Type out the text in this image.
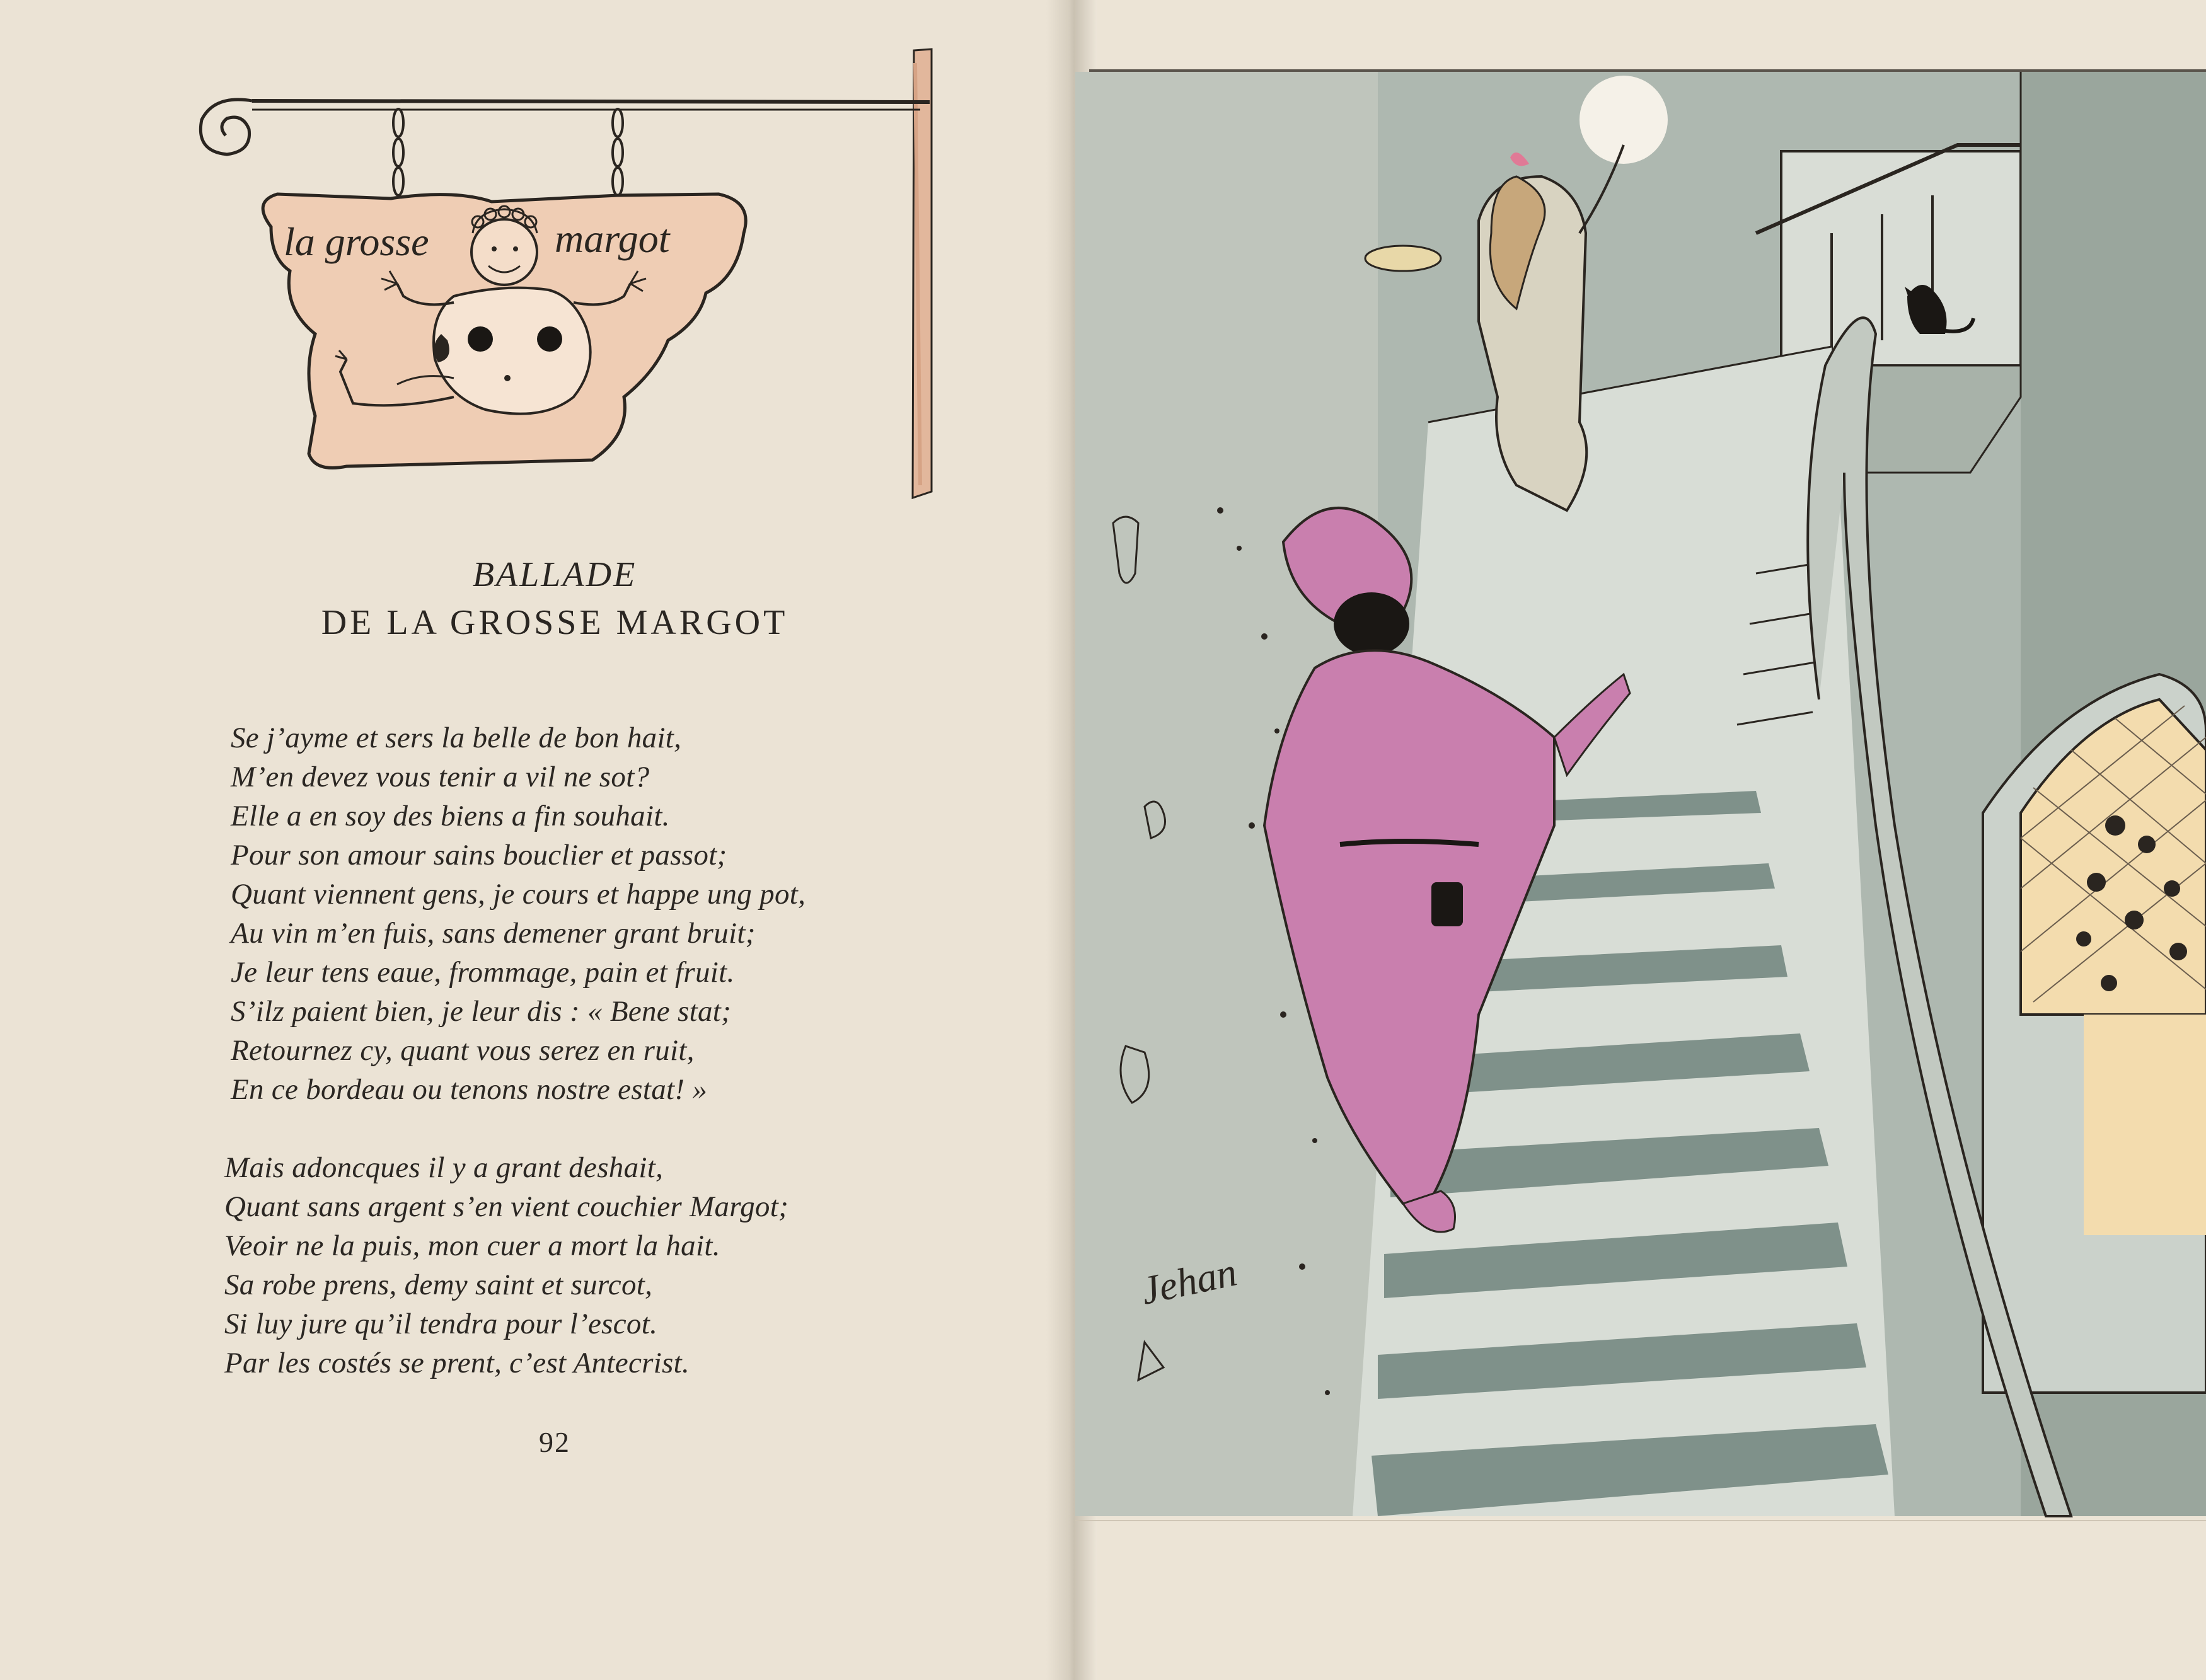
la grosse	margot
BALLADE
DE LA GROSSE MARGOT
Se j’ayme et sers la belle de bon hait,
M’en devez vous tenir a vil ne sot?
Elle a en soy des biens a fin souhait.
Pour son amour sains bouclier et passot;
Quant viennent gens, je cours et happe ung pot,
Au vin m’en fuis, sans demener grant bruit;
Je leur tens eaue, frommage, pain et fruit.
S’ilz paient bien, je leur dis : « Bene stat;
Retournez cy, quant vous serez en ruit,
En ce bordeau ou tenons nostre estat! »
Mais adoncques il y a grant deshait,
Quant sans argent s’en vient couchier Margot;
Veoir ne la puis, mon cuer a mort la hait.
Sa robe prens, demy saint et surcot,
Si luy jure qu’il tendra pour l’escot.
Par les costés se prent, c’est Antecrist.
92
Jehan
